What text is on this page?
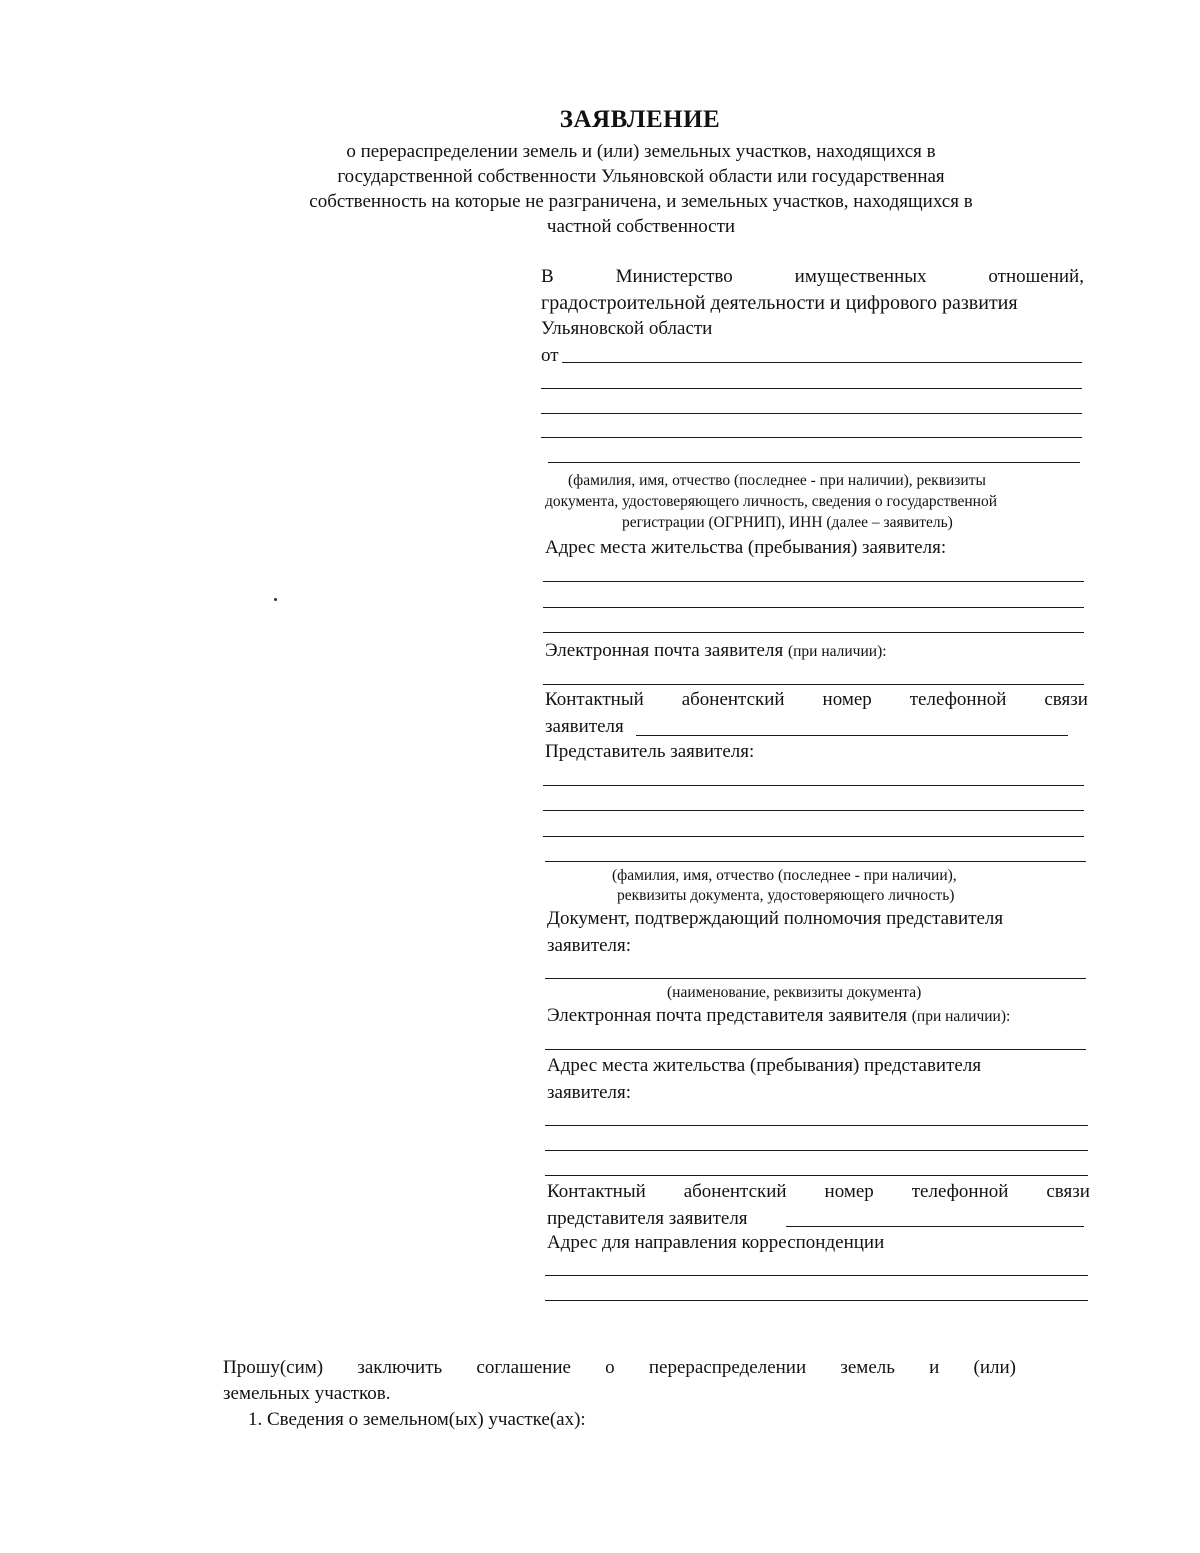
ЗАЯВЛЕНИЕ
о перераспределении земель и (или) земельных участков, находящихся в
государственной собственности Ульяновской области или государственная
собственность на которые не разграничена, и земельных участков, находящихся в
частной собственности
В	Министерство	имущественных	отношений,
градостроительной деятельности и цифрового развития
Ульяновской области
от
(фамилия, имя, отчество (последнее - при наличии), реквизиты
документа, удостоверяющего личность, сведения о государственной
регистрации (ОГРНИП), ИНН (далее – заявитель)
Адрес места жительства (пребывания) заявителя:
Электронная почта заявителя (при наличии):
Контактный абонентский номер телефонной связи
заявителя
Представитель заявителя:
(фамилия, имя, отчество (последнее - при наличии),
реквизиты документа, удостоверяющего личность)
Документ, подтверждающий полномочия представителя
заявителя:
(наименование, реквизиты документа)
Электронная почта представителя заявителя (при наличии):
Адрес места жительства (пребывания) представителя
заявителя:
Контактный абонентский номер телефонной связи
представителя заявителя
Адрес для направления корреспонденции
Прошу(сим) заключить соглашение о перераспределении земель и (или)
земельных участков.
1. Сведения о земельном(ых) участке(ах):
